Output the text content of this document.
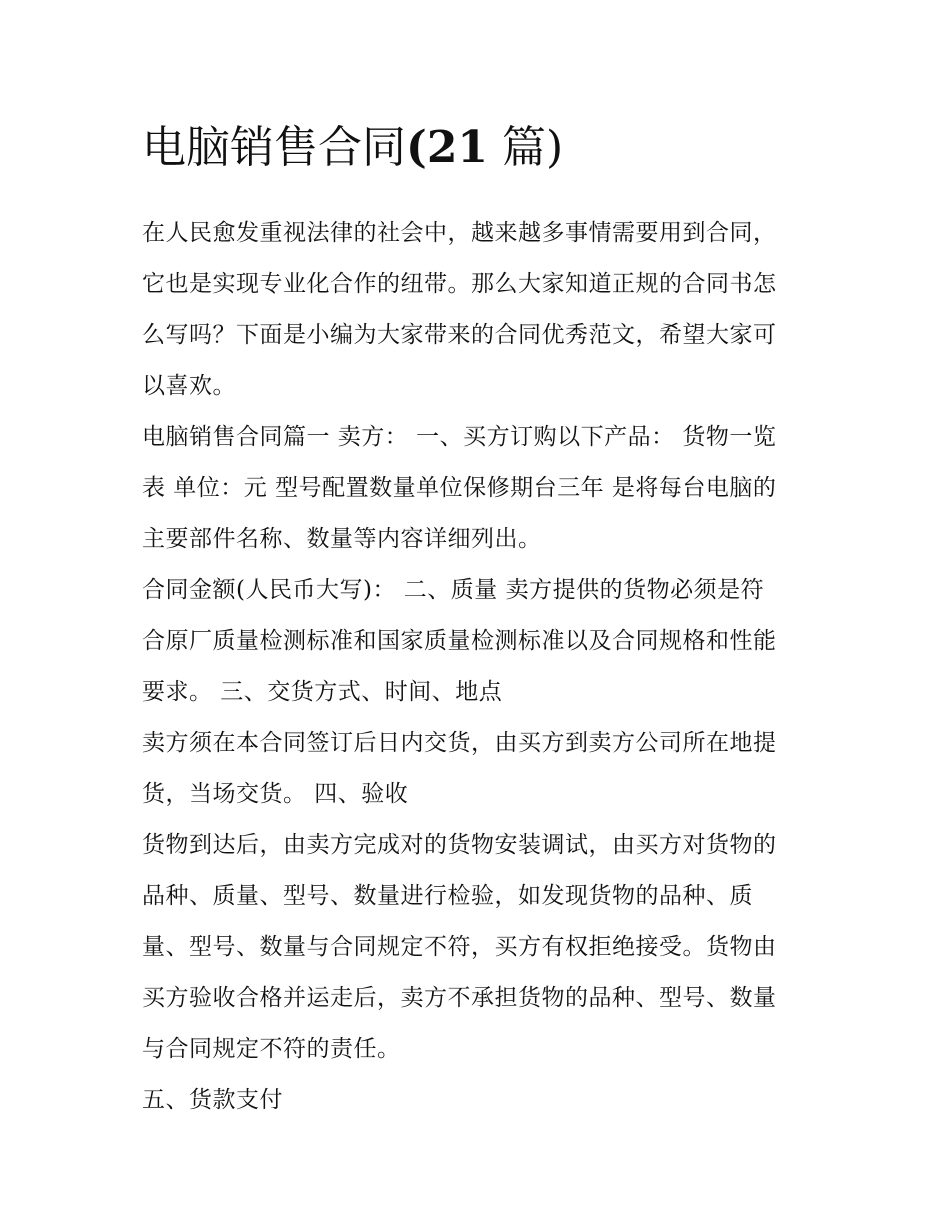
电脑销售合同(21 篇)

在人民愈发重视法律的社会中，越来越多事情需要用到合同，
它也是实现专业化合作的纽带。那么大家知道正规的合同书怎
么写吗？下面是小编为大家带来的合同优秀范文，希望大家可
以喜欢。

电脑销售合同篇一 卖方： 一、买方订购以下产品： 货物一览
表 单位：元 型号配置数量单位保修期台三年 是将每台电脑的
主要部件名称、数量等内容详细列出。

合同金额(人民币大写)： 二、质量 卖方提供的货物必须是符
合原厂质量检测标准和国家质量检测标准以及合同规格和性能
要求。 三、交货方式、时间、地点

卖方须在本合同签订后日内交货，由买方到卖方公司所在地提
货，当场交货。 四、验收

货物到达后，由卖方完成对的货物安装调试，由买方对货物的
品种、质量、型号、数量进行检验，如发现货物的品种、质
量、型号、数量与合同规定不符，买方有权拒绝接受。货物由
买方验收合格并运走后，卖方不承担货物的品种、型号、数量
与合同规定不符的责任。

五、货款支付
